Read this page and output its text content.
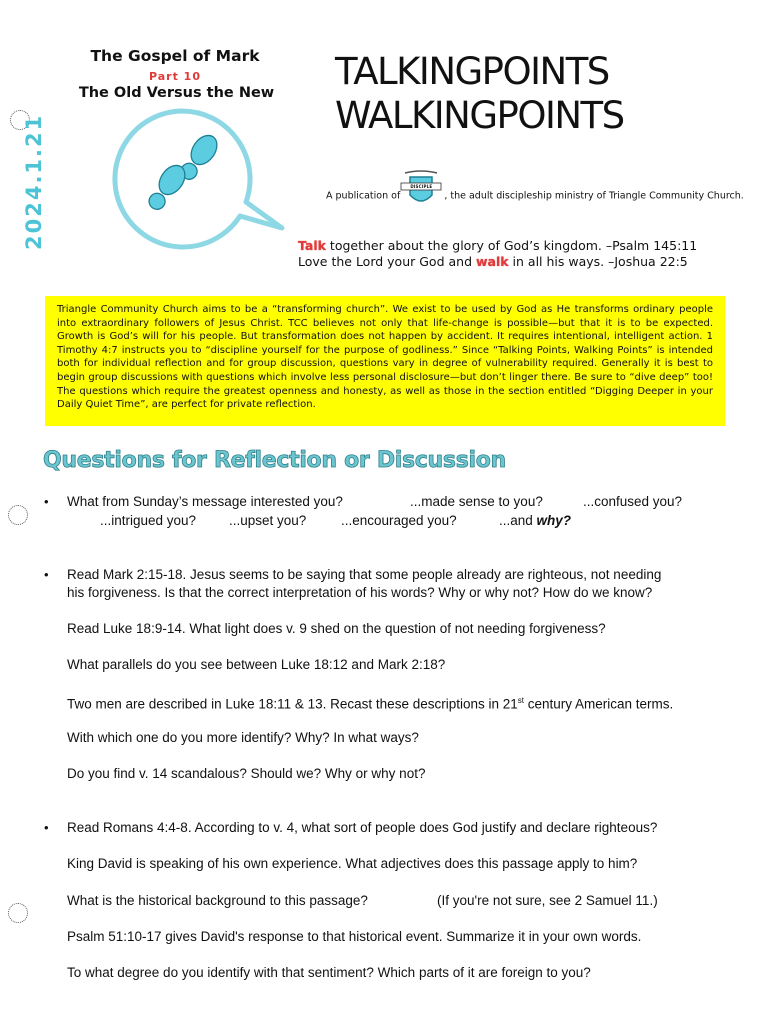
2024.1.21
The Gospel of Mark
Part 10
The Old Versus the New	TALKINGPOINTS
WALKINGPOINTS
A publication of
DISCIPLE
, the adult discipleship ministry of Triangle Community Church.
Talk together about the glory of God’s kingdom. –Psalm 145:11
Love the Lord your God and walk in all his ways. –Joshua 22:5

Triangle Community Church aims to be a “transforming church”. We exist to be used by God as He transforms ordinary people into extraordinary followers of Jesus Christ. TCC believes not only that life-change is possible—but that it is to be expected. Growth is God’s will for his people. But transformation does not happen by accident. It requires intentional, intelligent action. 1 Timothy 4:7 instructs you to “discipline yourself for the purpose of godliness.” Since “Talking Points, Walking Points” is intended both for individual reflection and for group discussion, questions vary in degree of vulnerability required. Generally it is best to begin group discussions with questions which involve less personal disclosure—but don’t linger there. Be sure to “dive deep” too! The questions which require the greatest openness and honesty, as well as those in the section entitled “Digging Deeper in your Daily Quiet Time”, are perfect for private reflection.

Questions for Reflection or Discussion
• What from Sunday’s message interested you?	...made sense to you?	...confused you?
...intrigued you? ...upset you?	...encouraged you?	...and why?
• Read Mark 2:15-18. Jesus seems to be saying that some people already are righteous, not needing
his forgiveness. Is that the correct interpretation of his words? Why or why not? How do we know?
Read Luke 18:9-14. What light does v. 9 shed on the question of not needing forgiveness?
What parallels do you see between Luke 18:12 and Mark 2:18?
Two men are described in Luke 18:11 & 13. Recast these descriptions in 21st century American terms.
With which one do you more identify? Why? In what ways?
Do you find v. 14 scandalous? Should we? Why or why not?
• Read Romans 4:4-8. According to v. 4, what sort of people does God justify and declare righteous?
King David is speaking of his own experience. What adjectives does this passage apply to him?
What is the historical background to this passage?	(If you're not sure, see 2 Samuel 11.)
Psalm 51:10-17 gives David's response to that historical event. Summarize it in your own words.
To what degree do you identify with that sentiment? Which parts of it are foreign to you?
